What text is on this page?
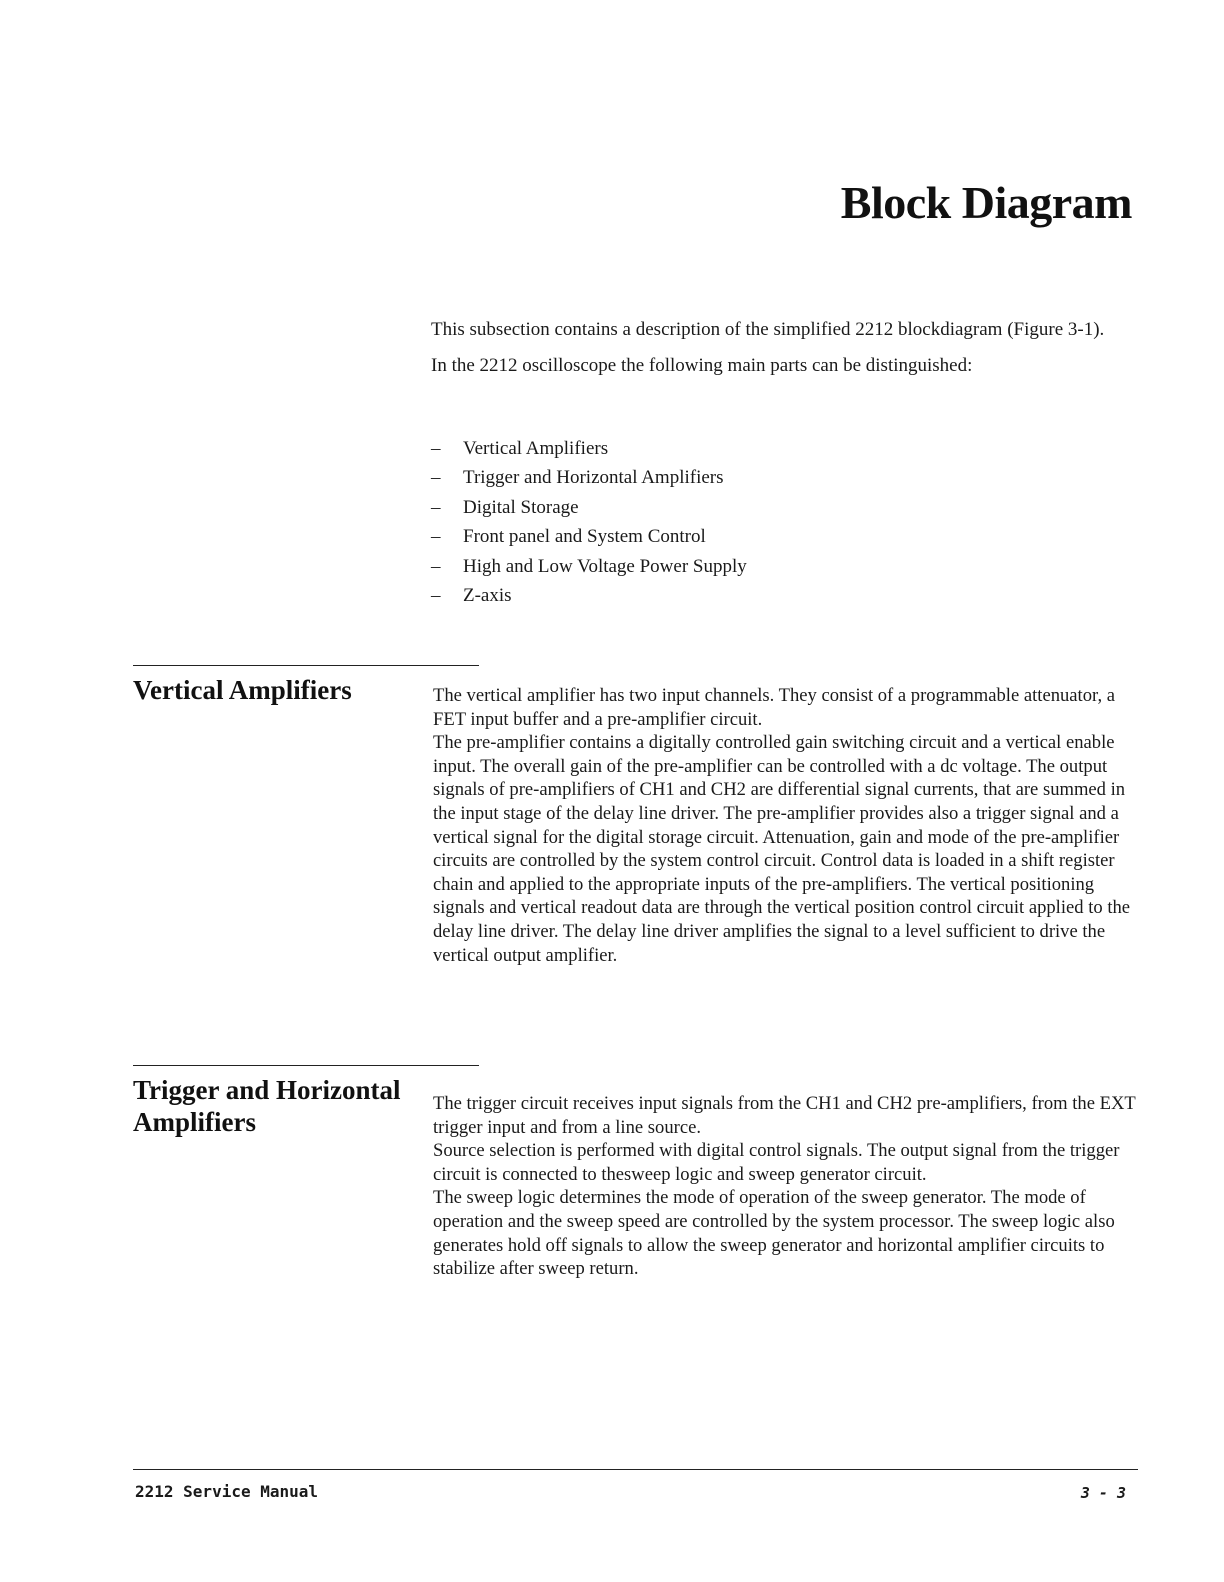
Block Diagram

This subsection contains a description of the simplified 2212 blockdiagram (Figure 3-1).

In the 2212 oscilloscope the following main parts can be distinguished:

– Vertical Amplifiers
– Trigger and Horizontal Amplifiers
– Digital Storage
– Front panel and System Control
– High and Low Voltage Power Supply
– Z-axis
Vertical Amplifiers	The vertical amplifier has two input channels. They consist of a programmable attenuator, a FET input buffer and a pre-amplifier circuit.

The pre-amplifier contains a digitally controlled gain switching circuit and a vertical enable input. The overall gain of the pre-amplifier can be controlled with a dc voltage. The output signals of pre-amplifiers of CH1 and CH2 are differential signal currents, that are summed in the input stage of the delay line driver. The pre-amplifier provides also a trigger signal and a vertical signal for the digital storage circuit. Attenuation, gain and mode of the pre-amplifier circuits are controlled by the system control circuit. Control data is loaded in a shift register chain and applied to the appropriate inputs of the pre-amplifiers. The vertical positioning signals and vertical readout data are through the vertical position control circuit applied to the delay line driver. The delay line driver amplifies the signal to a level sufficient to drive the vertical output amplifier.

Trigger and Horizontal Amplifiers

The trigger circuit receives input signals from the CH1 and CH2 pre-amplifiers, from the EXT trigger input and from a line source.

Source selection is performed with digital control signals. The output signal from the trigger circuit is connected to thesweep logic and sweep generator circuit.

The sweep logic determines the mode of operation of the sweep generator. The mode of operation and the sweep speed are controlled by the system processor. The sweep logic also generates hold off signals to allow the sweep generator and horizontal amplifier circuits to stabilize after sweep return.

2212 Service Manual	3 - 3
